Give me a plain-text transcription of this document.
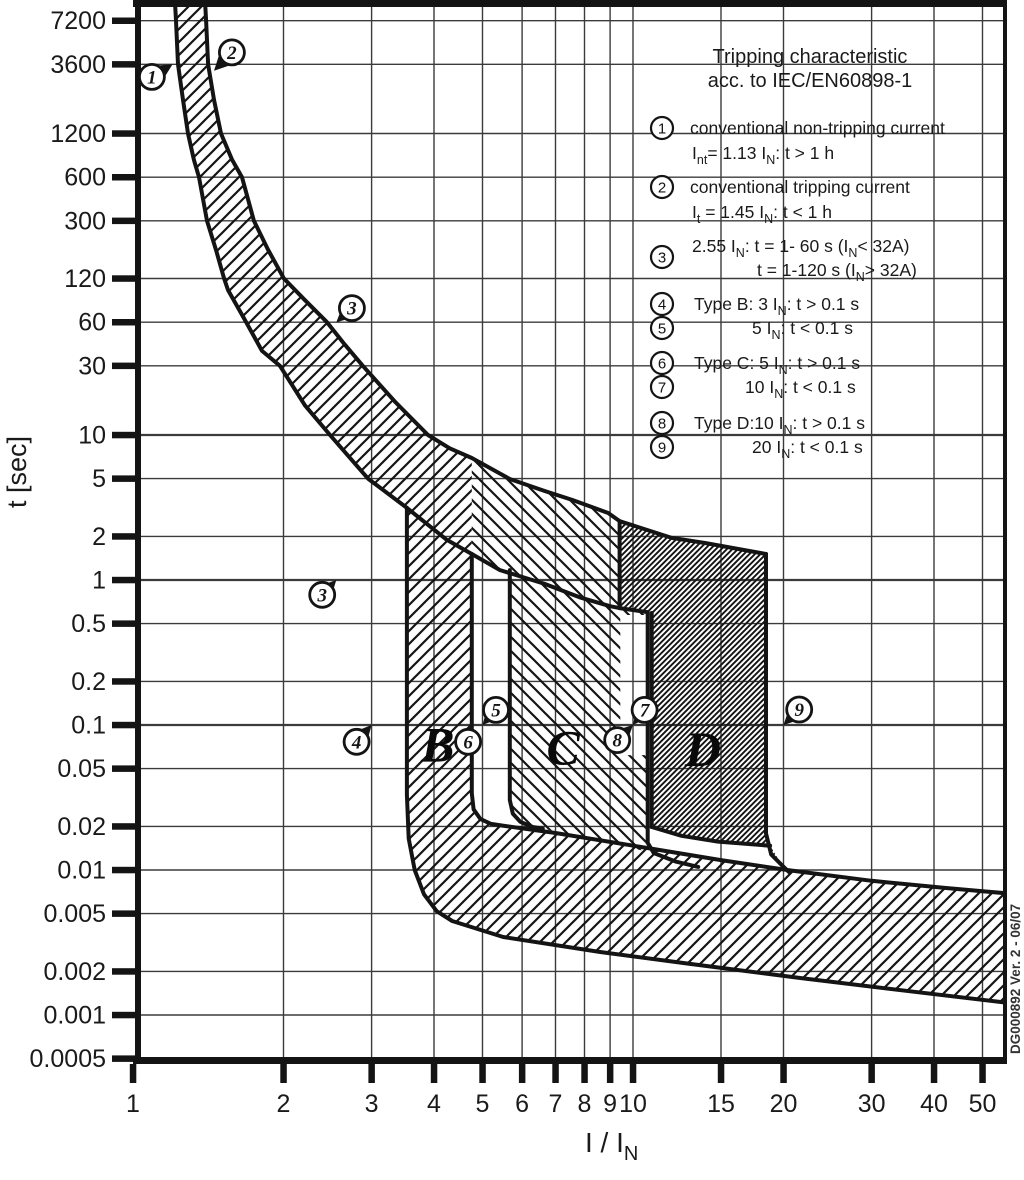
7200
3600
1200
600
300
120
60
30
10
5
2
1
0.5
0.2
0.1
0.05
0.02
0.01
0.005
0.002
0.001
0.0005
1	2	3 4 5 6 7 8 9 10 15 20 30 40 50
t [sec]
I / $I_N$
B C D
1
2
3
3
4
5
6
7
8
9
Tripping characteristic
acc. to IEC/EN60898-1
1 conventional non-tripping current
$I_{nt}= 1.13$ $I_N$: t > 1 h
2 conventional tripping current
$I_t = 1.45$ $I_N$: t < 1 h
3
2.55 $I_N$: t = 1- 60 s $(I_N< 32A)$
t = 1-120 s $(I_N> 32A)$
4 Type B: 3 $I_N$: t > 0.1 s
5	5 $I_N$: t < 0.1 s
6 Type C: 5 $I_N$: t > 0.1 s
7	10 $I_N$: t < 0.1 s
8 Type D:10 $I_N$: t > 0.1 s
9	20 $I_N$: t < 0.1 s
DG000892 Ver. 2 - 06/07
